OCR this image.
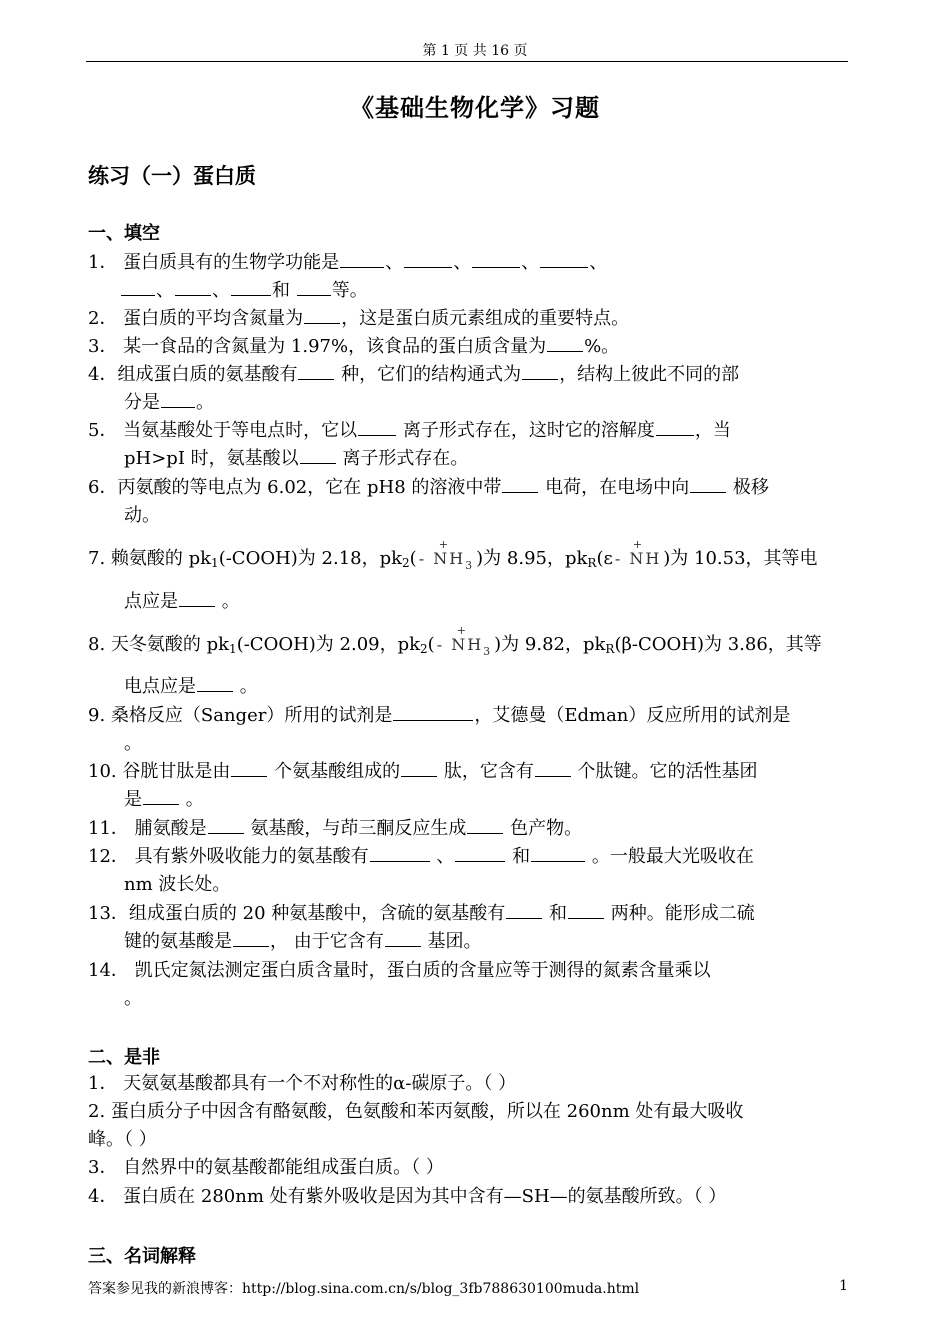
第 1 页 共 16 页
《基础生物化学》习题
练习（一）蛋白质
一、填空
1． 蛋白质具有的生物学功能是	、	、	、	、
、 、 和 等。
2． 蛋白质的平均含氮量为 ，这是蛋白质元素组成的重要特点。
3． 某一食品的含氮量为 1.97%，该食品的蛋白质含量为 %。
4．组成蛋白质的氨基酸有 种，它们的结构通式为 ，结构上彼此不同的部
分是 。
5． 当氨基酸处于等电点时，它以 离子形式存在，这时它的溶解度 ，当
pH>pI 时，氨基酸以 离子形式存在。
6．丙氨酸的等电点为 6.02，它在 pH8 的溶液中带 电荷，在电场中向 极移
动。
7. 赖氨酸的 $pk_1(-COOH)$为 2.18，$pk_2$( - N
+
$H_3$ )为 8.95，$pk_R(\varepsilon$ - N
+
H )为 10.53，其等电
点应是 。
8. 天冬氨酸的 $pk_1(-COOH)$为 2.09，$pk_2$( - N
+
$H_3$ )为 9.82，$pk_R(\beta-COOH)$为 3.86，其等
电点应是 。
9. 桑格反应（Sanger）所用的试剂是	，艾德曼（Edman）反应所用的试剂是
。
10. 谷胱甘肽是由 个氨基酸组成的 肽，它含有 个肽键。它的活性基团
是 。
11． 脯氨酸是 氨基酸，与茚三酮反应生成 色产物。
12． 具有紫外吸收能力的氨基酸有	、	和	。一般最大光吸收在
nm 波长处。
13．组成蛋白质的 20 种氨基酸中，含硫的氨基酸有 和 两种。能形成二硫
键的氨基酸是 ， 由于它含有 基团。
14． 凯氏定氮法测定蛋白质含量时，蛋白质的含量应等于测得的氮素含量乘以
。
二、是非
1． 天氨氨基酸都具有一个不对称性的α-碳原子。（ ）
2. 蛋白质分子中因含有酪氨酸，色氨酸和苯丙氨酸，所以在 260nm 处有最大吸收
峰。（ ）
3． 自然界中的氨基酸都能组成蛋白质。（ ）
4． 蛋白质在 280nm 处有紫外吸收是因为其中含有—SH—的氨基酸所致。（ ）
三、名词解释
答案参见我的新浪博客：http://blog.sina.com.cn/s/blog_3fb788630100muda.html	1
